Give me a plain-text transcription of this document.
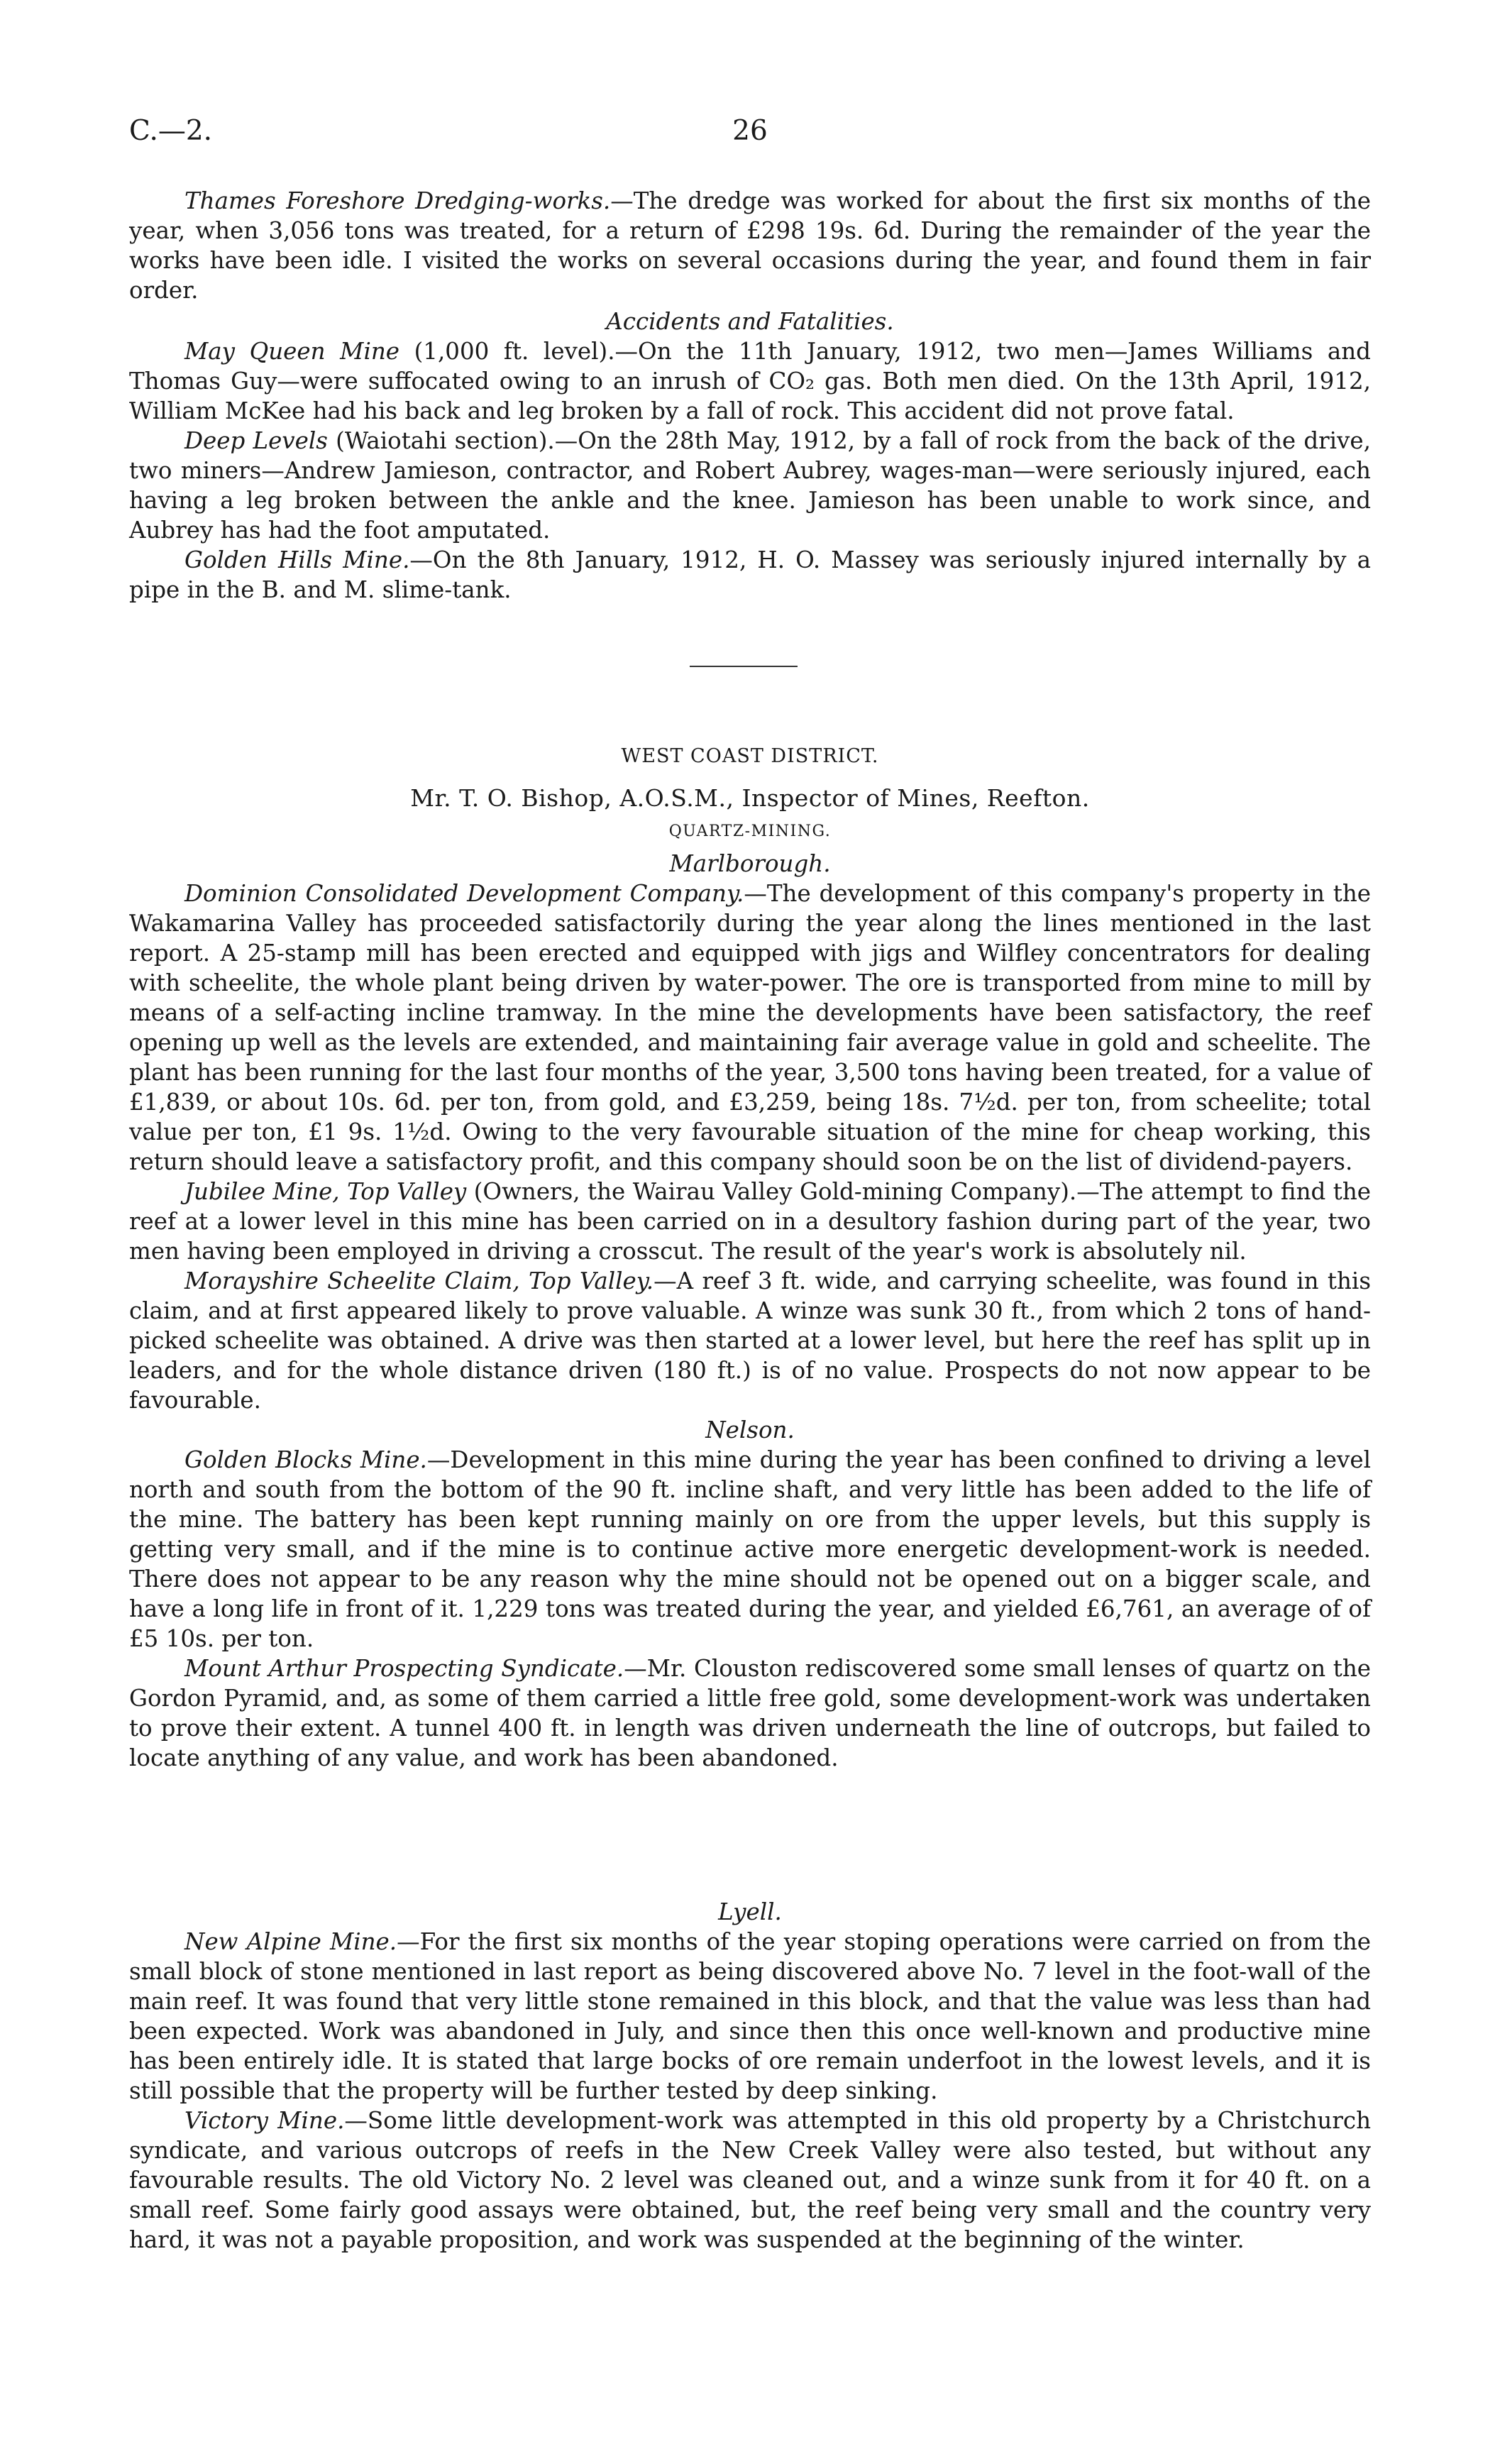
C.—2.	26

Thames Foreshore Dredging-works.—The dredge was worked for about the first six months of the year, when 3,056 tons was treated, for a return of £298 19s. 6d. During the remainder of the year the works have been idle. I visited the works on several occasions during the year, and found them in fair order.

Accidents and Fatalities.

May Queen Mine (1,000 ft. level).—On the 11th January, 1912, two men—James Williams and Thomas Guy—were suffocated owing to an inrush of CO₂ gas. Both men died. On the 13th April, 1912, William McKee had his back and leg broken by a fall of rock. This accident did not prove fatal.

Deep Levels (Waiotahi section).—On the 28th May, 1912, by a fall of rock from the back of the drive, two miners—Andrew Jamieson, contractor, and Robert Aubrey, wages-man—were seriously injured, each having a leg broken between the ankle and the knee. Jamieson has been unable to work since, and Aubrey has had the foot amputated.

Golden Hills Mine.—On the 8th January, 1912, H. O. Massey was seriously injured internally by a pipe in the B. and M. slime-tank.

WEST COAST DISTRICT.

Mr. T. O. Bishop, A.O.S.M., Inspector of Mines, Reefton.

QUARTZ-MINING.

Marlborough.

Dominion Consolidated Development Company.—The development of this company's property in the Wakamarina Valley has proceeded satisfactorily during the year along the lines mentioned in the last report. A 25-stamp mill has been erected and equipped with jigs and Wilfley concentrators for dealing with scheelite, the whole plant being driven by water-power. The ore is transported from mine to mill by means of a self-acting incline tramway. In the mine the developments have been satisfactory, the reef opening up well as the levels are extended, and maintaining fair average value in gold and scheelite. The plant has been running for the last four months of the year, 3,500 tons having been treated, for a value of £1,839, or about 10s. 6d. per ton, from gold, and £3,259, being 18s. 7½d. per ton, from scheelite; total value per ton, £1 9s. 1½d. Owing to the very favourable situation of the mine for cheap working, this return should leave a satisfactory profit, and this company should soon be on the list of dividend-payers.

Jubilee Mine, Top Valley (Owners, the Wairau Valley Gold-mining Company).—The attempt to find the reef at a lower level in this mine has been carried on in a desultory fashion during part of the year, two men having been employed in driving a crosscut. The result of the year's work is absolutely nil.

Morayshire Scheelite Claim, Top Valley.—A reef 3 ft. wide, and carrying scheelite, was found in this claim, and at first appeared likely to prove valuable. A winze was sunk 30 ft., from which 2 tons of hand-picked scheelite was obtained. A drive was then started at a lower level, but here the reef has split up in leaders, and for the whole distance driven (180 ft.) is of no value. Prospects do not now appear to be favourable.

Nelson.

Golden Blocks Mine.—Development in this mine during the year has been confined to driving a level north and south from the bottom of the 90 ft. incline shaft, and very little has been added to the life of the mine. The battery has been kept running mainly on ore from the upper levels, but this supply is getting very small, and if the mine is to continue active more energetic development-work is needed. There does not appear to be any reason why the mine should not be opened out on a bigger scale, and have a long life in front of it. 1,229 tons was treated during the year, and yielded £6,761, an average of of £5 10s. per ton.

Mount Arthur Prospecting Syndicate.—Mr. Clouston rediscovered some small lenses of quartz on the Gordon Pyramid, and, as some of them carried a little free gold, some development-work was undertaken to prove their extent. A tunnel 400 ft. in length was driven underneath the line of outcrops, but failed to locate anything of any value, and work has been abandoned.

Lyell.

New Alpine Mine.—For the first six months of the year stoping operations were carried on from the small block of stone mentioned in last report as being discovered above No. 7 level in the foot-wall of the main reef. It was found that very little stone remained in this block, and that the value was less than had been expected. Work was abandoned in July, and since then this once well-known and productive mine has been entirely idle. It is stated that large bocks of ore remain underfoot in the lowest levels, and it is still possible that the property will be further tested by deep sinking.

Victory Mine.—Some little development-work was attempted in this old property by a Christchurch syndicate, and various outcrops of reefs in the New Creek Valley were also tested, but without any favourable results. The old Victory No. 2 level was cleaned out, and a winze sunk from it for 40 ft. on a small reef. Some fairly good assays were obtained, but, the reef being very small and the country very hard, it was not a payable proposition, and work was suspended at the beginning of the winter.
